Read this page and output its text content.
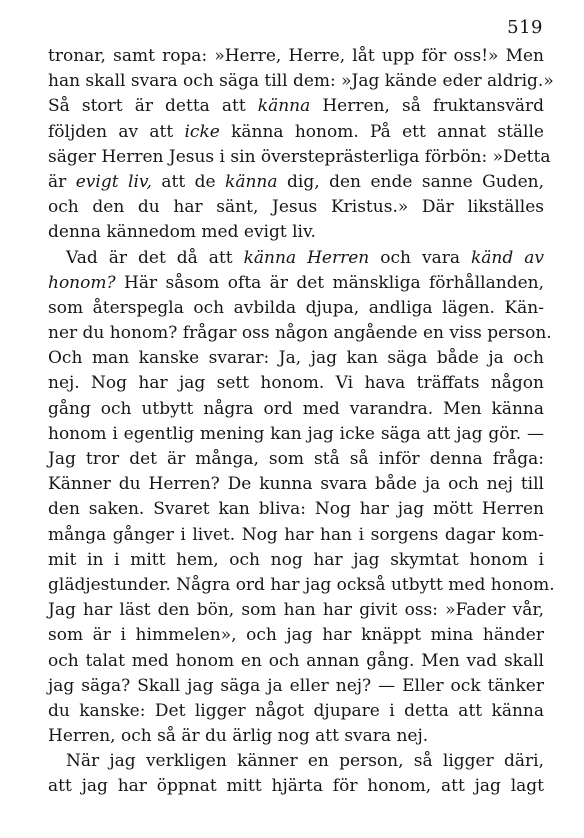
519
tronar, samt ropa: »Herre, Herre, låt upp för oss!» Men
han skall svara och säga till dem: »Jag kände eder aldrig.»
Så stort är detta att känna Herren, så fruktansvärd
följden av att icke känna honom. På ett annat ställe
säger Herren Jesus i sin översteprästerliga förbön: »Detta
är evigt liv, att de känna dig, den ende sanne Guden,
och den du har sänt, Jesus Kristus.» Där likställes
denna kännedom med evigt liv.
Vad är det då att känna Herren och vara känd av
honom? Här såsom ofta är det mänskliga förhållanden,
som återspegla och avbilda djupa, andliga lägen. Kän-
ner du honom? frågar oss någon angående en viss person.
Och man kanske svarar: Ja, jag kan säga både ja och
nej. Nog har jag sett honom. Vi hava träffats någon
gång och utbytt några ord med varandra. Men känna
honom i egentlig mening kan jag icke säga att jag gör. —
Jag tror det är många, som stå så inför denna fråga:
Känner du Herren? De kunna svara både ja och nej till
den saken. Svaret kan bliva: Nog har jag mött Herren
många gånger i livet. Nog har han i sorgens dagar kom-
mit in i mitt hem, och nog har jag skymtat honom i
glädjestunder. Några ord har jag också utbytt med honom.
Jag har läst den bön, som han har givit oss: »Fader vår,
som är i himmelen», och jag har knäppt mina händer
och talat med honom en och annan gång. Men vad skall
jag säga? Skall jag säga ja eller nej? — Eller ock tänker
du kanske: Det ligger något djupare i detta att känna
Herren, och så är du ärlig nog att svara nej.
När jag verkligen känner en person, så ligger däri,
att jag har öppnat mitt hjärta för honom, att jag lagt
